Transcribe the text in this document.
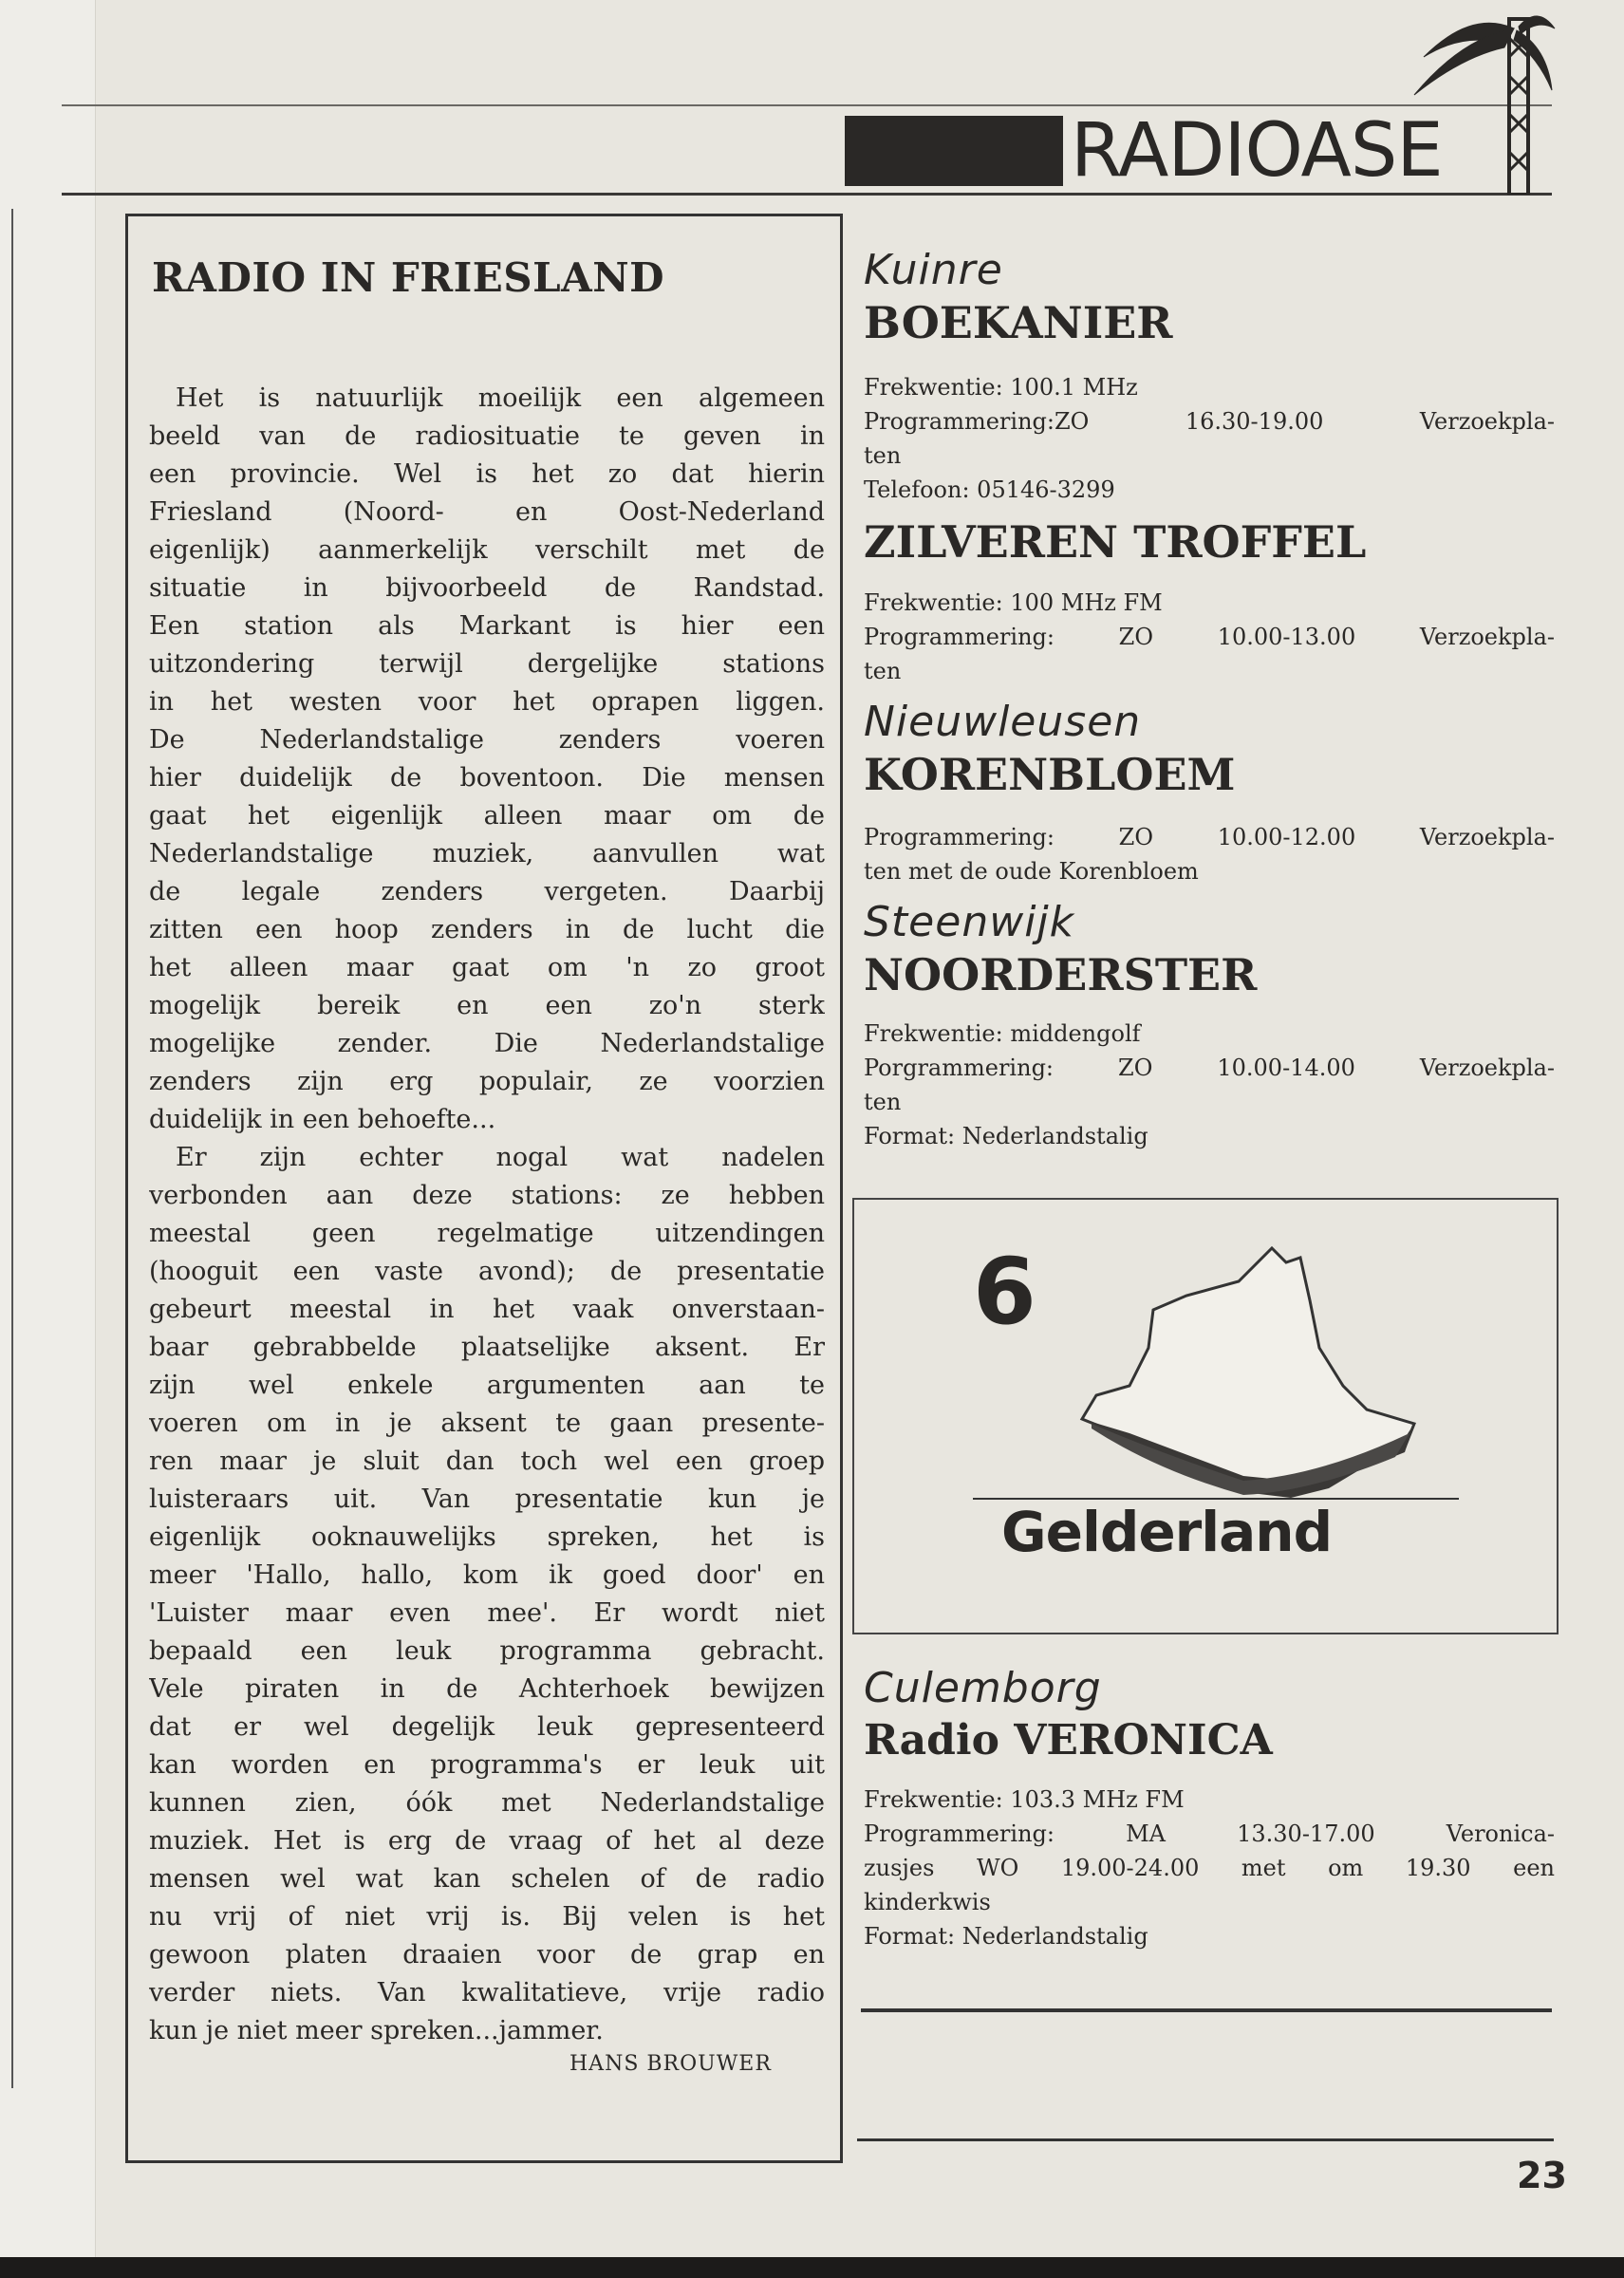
RADIOASE
RADIO IN FRIESLAND
Het is natuurlijk moeilijk een algemeen
beeld van de radiosituatie te geven in
een provincie. Wel is het zo dat hierin
Friesland (Noord- en Oost-Nederland
eigenlijk) aanmerkelijk verschilt met de
situatie in bijvoorbeeld de Randstad.
Een station als Markant is hier een
uitzondering terwijl dergelijke stations
in het westen voor het oprapen liggen.
De Nederlandstalige zenders voeren
hier duidelijk de boventoon. Die mensen
gaat het eigenlijk alleen maar om de
Nederlandstalige muziek, aanvullen wat
de legale zenders vergeten. Daarbij
zitten een hoop zenders in de lucht die
het alleen maar gaat om 'n zo groot
mogelijk bereik en een zo'n sterk
mogelijke zender. Die Nederlandstalige
zenders zijn erg populair, ze voorzien
duidelijk in een behoefte...
Er zijn echter nogal wat nadelen
verbonden aan deze stations: ze hebben
meestal geen regelmatige uitzendingen
(hooguit een vaste avond); de presentatie
gebeurt meestal in het vaak onverstaan-
baar gebrabbelde plaatselijke aksent. Er
zijn wel enkele argumenten aan te
voeren om in je aksent te gaan presente-
ren maar je sluit dan toch wel een groep
luisteraars uit. Van presentatie kun je
eigenlijk ooknauwelijks spreken, het is
meer 'Hallo, hallo, kom ik goed door' en
'Luister maar even mee'. Er wordt niet
bepaald een leuk programma gebracht.
Vele piraten in de Achterhoek bewijzen
dat er wel degelijk leuk gepresenteerd
kan worden en programma's er leuk uit
kunnen zien, óók met Nederlandstalige
muziek. Het is erg de vraag of het al deze
mensen wel wat kan schelen of de radio
nu vrij of niet vrij is. Bij velen is het
gewoon platen draaien voor de grap en
verder niets. Van kwalitatieve, vrije radio
kun je niet meer spreken...jammer.
HANS BROUWER
Kuinre
BOEKANIER
Frekwentie: 100.1 MHz
Programmering:ZO 16.30-19.00 Verzoekpla-
ten
Telefoon: 05146-3299
ZILVEREN TROFFEL
Frekwentie: 100 MHz FM
Programmering: ZO 10.00-13.00 Verzoekpla-
ten
Nieuwleusen
KORENBLOEM
Programmering: ZO 10.00-12.00 Verzoekpla-
ten met de oude Korenbloem
Steenwijk
NOORDERSTER
Frekwentie: middengolf
Porgrammering: ZO 10.00-14.00 Verzoekpla-
ten
Format: Nederlandstalig
6
Gelderland
Culemborg
Radio VERONICA
Frekwentie: 103.3 MHz FM
Programmering: MA 13.30-17.00 Veronica-
zusjes WO 19.00-24.00 met om 19.30 een
kinderkwis
Format: Nederlandstalig
23
